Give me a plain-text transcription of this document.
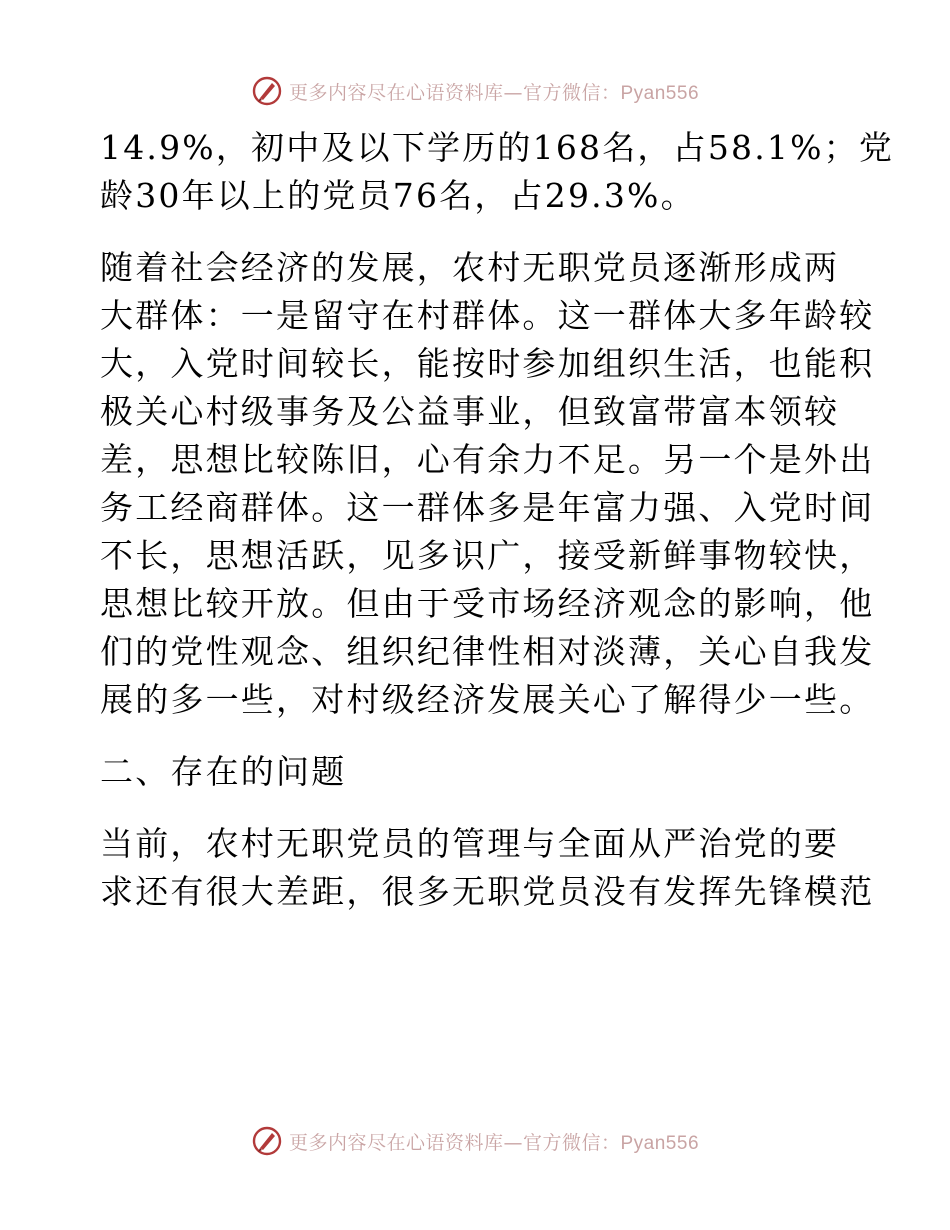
更多内容尽在心语资料库—官方微信：Pyan556
14.9%，初中及以下学历的168名，占58.1%；党
龄30年以上的党员76名，占29.3%。
随着社会经济的发展，农村无职党员逐渐形成两
大群体：一是留守在村群体。这一群体大多年龄较
大，入党时间较长，能按时参加组织生活，也能积
极关心村级事务及公益事业，但致富带富本领较
差，思想比较陈旧，心有余力不足。另一个是外出
务工经商群体。这一群体多是年富力强、入党时间
不长，思想活跃，见多识广，接受新鲜事物较快，
思想比较开放。但由于受市场经济观念的影响，他
们的党性观念、组织纪律性相对淡薄，关心自我发
展的多一些，对村级经济发展关心了解得少一些。
二、存在的问题
当前，农村无职党员的管理与全面从严治党的要
求还有很大差距，很多无职党员没有发挥先锋模范
更多内容尽在心语资料库—官方微信：Pyan556
